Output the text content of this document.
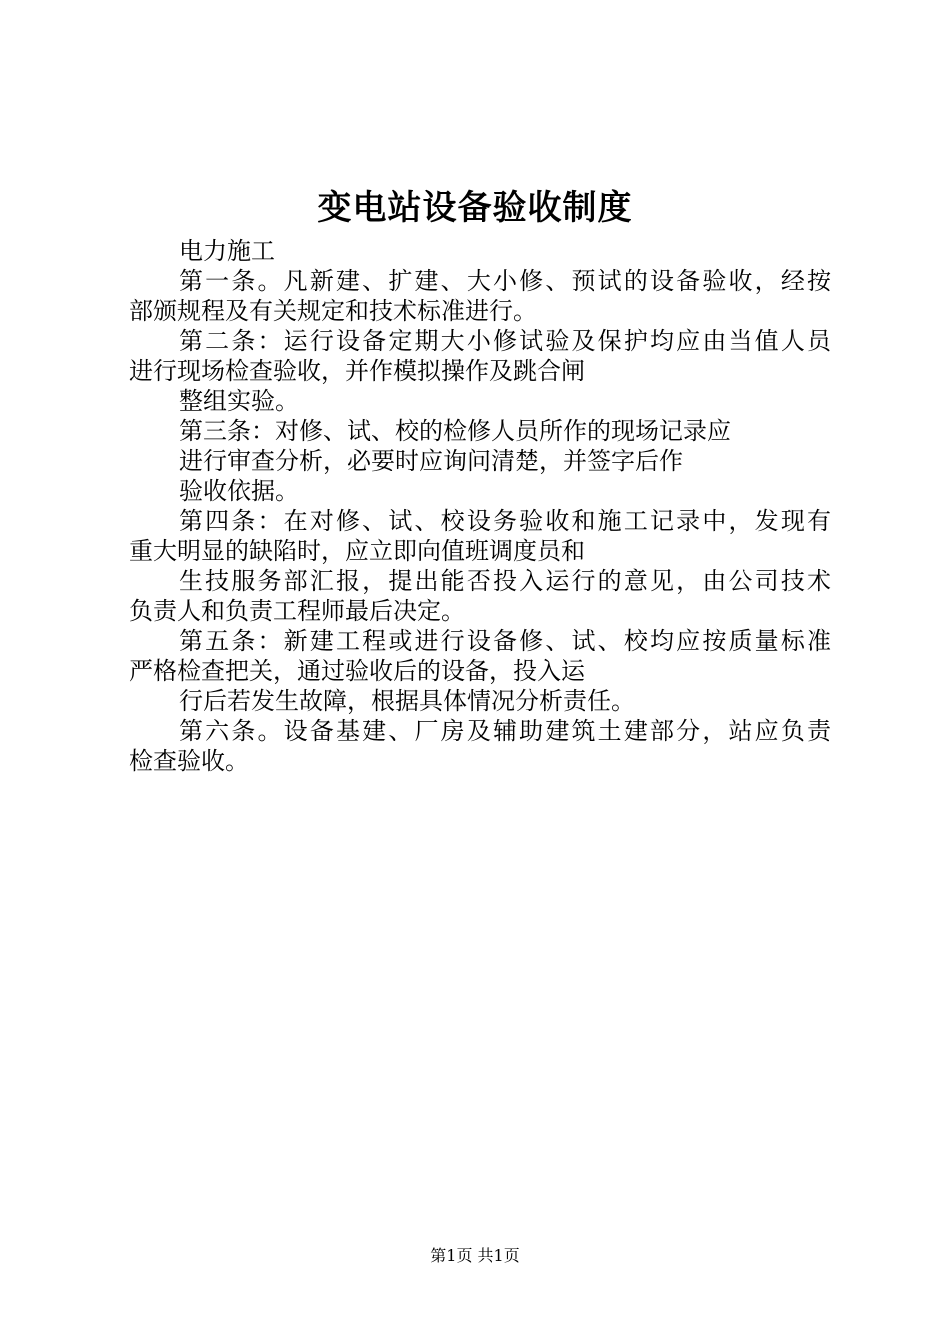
变电站设备验收制度
电力施工
第一条。凡新建、扩建、大小修、预试的设备验收，经按
部颁规程及有关规定和技术标准进行。
第二条：运行设备定期大小修试验及保护均应由当值人员
进行现场检查验收，并作模拟操作及跳合闸
整组实验。
第三条：对修、试、校的检修人员所作的现场记录应
进行审查分析，必要时应询问清楚，并签字后作
验收依据。
第四条：在对修、试、校设务验收和施工记录中，发现有
重大明显的缺陷时，应立即向值班调度员和
生技服务部汇报，提出能否投入运行的意见，由公司技术
负责人和负责工程师最后决定。
第五条：新建工程或进行设备修、试、校均应按质量标准
严格检查把关，通过验收后的设备，投入运
行后若发生故障，根据具体情况分析责任。
第六条。设备基建、厂房及辅助建筑土建部分，站应负责
检查验收。
第1页 共1页
